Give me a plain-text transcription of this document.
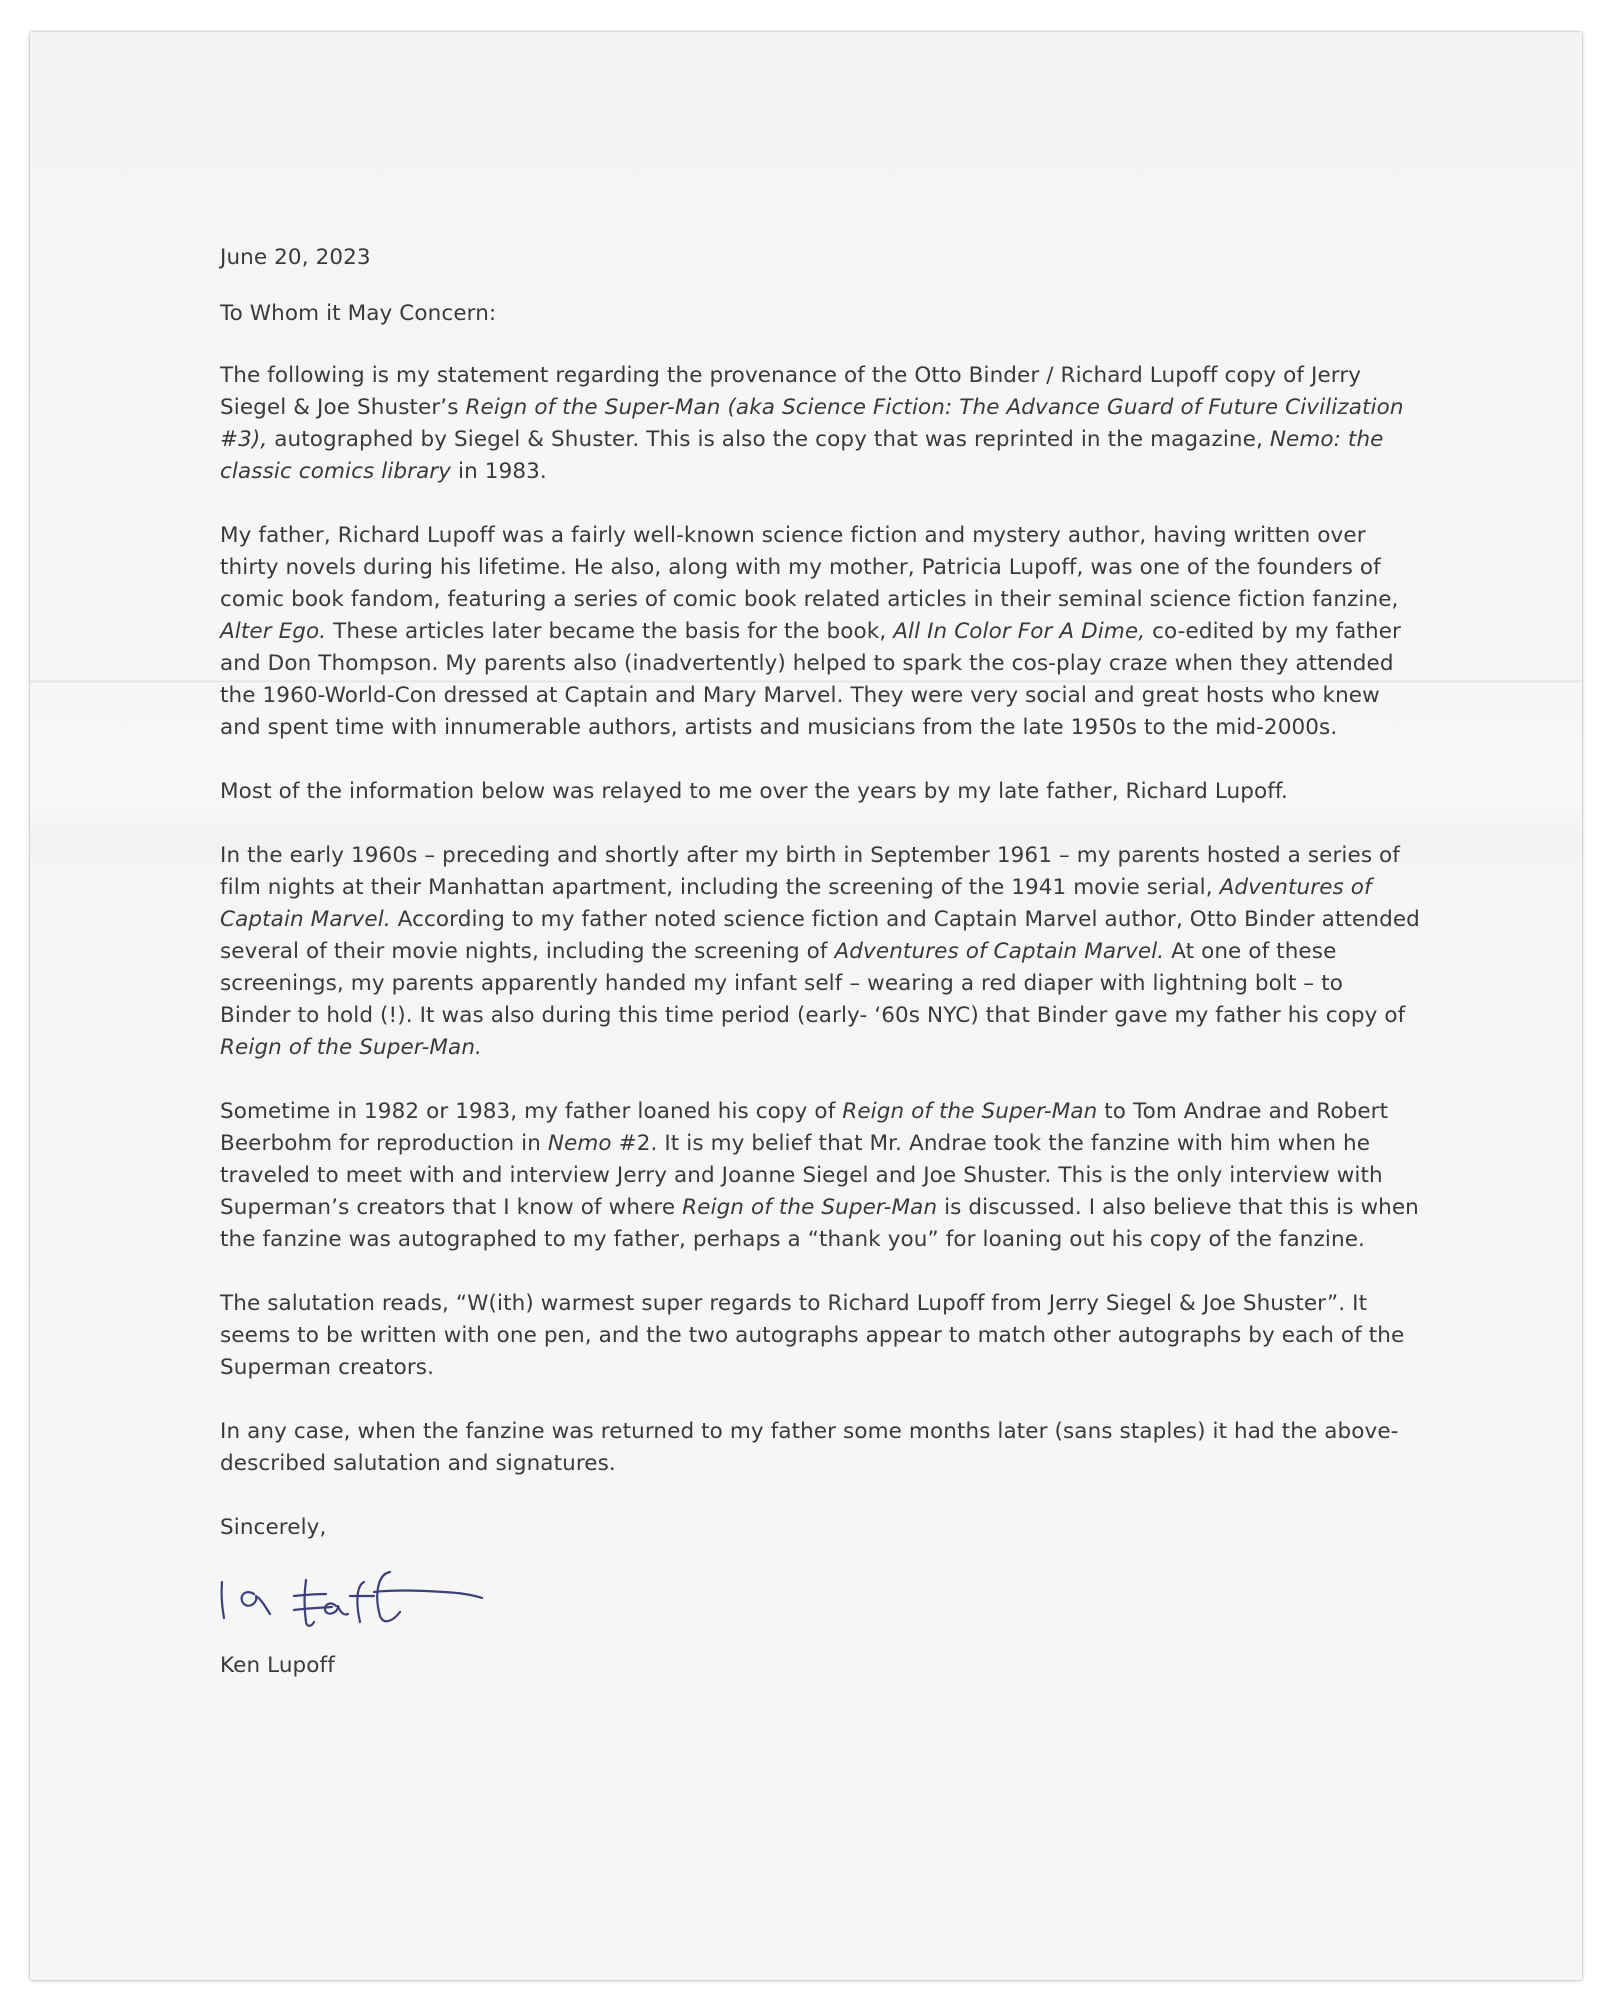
June 20, 2023

To Whom it May Concern:

The following is my statement regarding the provenance of the Otto Binder / Richard Lupoff copy of Jerry Siegel & Joe Shuster’s Reign of the Super-Man (aka Science Fiction: The Advance Guard of Future Civilization #3), autographed by Siegel & Shuster. This is also the copy that was reprinted in the magazine, Nemo: the classic comics library in 1983.

My father, Richard Lupoff was a fairly well-known science fiction and mystery author, having written over thirty novels during his lifetime. He also, along with my mother, Patricia Lupoff, was one of the founders of comic book fandom, featuring a series of comic book related articles in their seminal science fiction fanzine, Alter Ego. These articles later became the basis for the book, All In Color For A Dime, co-edited by my father and Don Thompson. My parents also (inadvertently) helped to spark the cos-play craze when they attended the 1960-World-Con dressed at Captain and Mary Marvel. They were very social and great hosts who knew and spent time with innumerable authors, artists and musicians from the late 1950s to the mid-2000s.

Most of the information below was relayed to me over the years by my late father, Richard Lupoff.

In the early 1960s – preceding and shortly after my birth in September 1961 – my parents hosted a series of film nights at their Manhattan apartment, including the screening of the 1941 movie serial, Adventures of Captain Marvel. According to my father noted science fiction and Captain Marvel author, Otto Binder attended several of their movie nights, including the screening of Adventures of Captain Marvel. At one of these screenings, my parents apparently handed my infant self – wearing a red diaper with lightning bolt – to Binder to hold (!). It was also during this time period (early- ‘60s NYC) that Binder gave my father his copy of Reign of the Super-Man.

Sometime in 1982 or 1983, my father loaned his copy of Reign of the Super-Man to Tom Andrae and Robert Beerbohm for reproduction in Nemo #2. It is my belief that Mr. Andrae took the fanzine with him when he traveled to meet with and interview Jerry and Joanne Siegel and Joe Shuster. This is the only interview with Superman’s creators that I know of where Reign of the Super-Man is discussed. I also believe that this is when the fanzine was autographed to my father, perhaps a “thank you” for loaning out his copy of the fanzine.

The salutation reads, “W(ith) warmest super regards to Richard Lupoff from Jerry Siegel & Joe Shuster”. It seems to be written with one pen, and the two autographs appear to match other autographs by each of the Superman creators.

In any case, when the fanzine was returned to my father some months later (sans staples) it had the above-described salutation and signatures.

Sincerely,

Ken Lupoff
